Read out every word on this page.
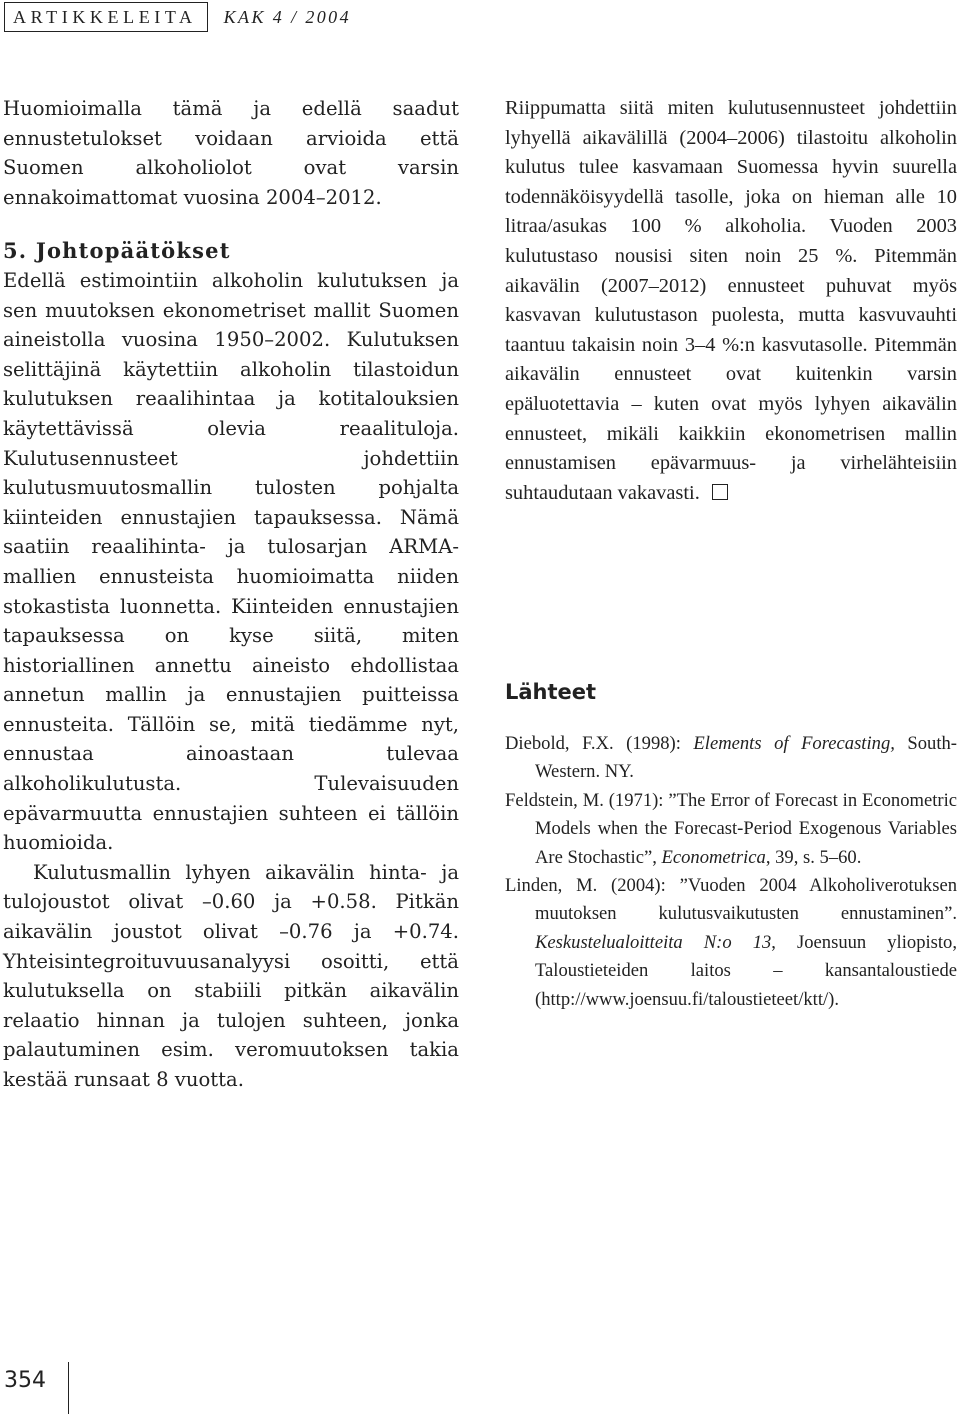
ARTIKKELEITA	KAK 4 / 2004

Huomioimalla tämä ja edellä saadut ennustetulokset voidaan arvioida että Suomen alkoholiolot ovat varsin ennakoimattomat vuosina 2004–2012.

5. Johtopäätökset

Edellä estimointiin alkoholin kulutuksen ja sen muutoksen ekonometriset mallit Suomen aineistolla vuosina 1950–2002. Kulutuksen selittäjinä käytettiin alkoholin tilastoidun kulutuksen reaalihintaa ja kotitalouksien käytettävissä olevia reaalituloja. Kulutusennusteet johdettiin kulutusmuutosmallin tulosten pohjalta kiinteiden ennustajien tapauksessa. Nämä saatiin reaalihinta- ja tulosarjan ARMA-mallien ennusteista huomioimatta niiden stokastista luonnetta. Kiinteiden ennustajien tapauksessa on kyse siitä, miten historiallinen annettu aineisto ehdollistaa annetun mallin ja ennustajien puitteissa ennusteita. Tällöin se, mitä tiedämme nyt, ennustaa ainoastaan tulevaa alkoholikulutusta. Tulevaisuuden epävarmuutta ennustajien suhteen ei tällöin huomioida.

Kulutusmallin lyhyen aikavälin hinta- ja tulojoustot olivat –0.60 ja +0.58. Pitkän aikavälin joustot olivat –0.76 ja +0.74. Yhteisintegroituvuusanalyysi osoitti, että kulutuksella on stabiili pitkän aikavälin relaatio hinnan ja tulojen suhteen, jonka palautuminen esim. veromuutoksen takia kestää runsaat 8 vuotta.

Riippumatta siitä miten kulutusennusteet johdettiin lyhyellä aikavälillä (2004–2006) tilastoitu alkoholin kulutus tulee kasvamaan Suomessa hyvin suurella todennäköisyydellä tasolle, joka on hieman alle 10 litraa/asukas 100 % alkoholia. Vuoden 2003 kulutustaso nousisi siten noin 25 %. Pitemmän aikavälin (2007–2012) ennusteet puhuvat myös kasvavan kulutustason puolesta, mutta kasvuvauhti taantuu takaisin noin 3–4 %:n kasvutasolle. Pitemmän aikavälin ennusteet ovat kuitenkin varsin epäluotettavia – kuten ovat myös lyhyen aikavälin ennusteet, mikäli kaikkiin ekonometrisen mallin ennustamisen epävarmuus- ja virhelähteisiin suhtaudutaan vakavasti.

Lähteet

Diebold, F.X. (1998): Elements of Forecasting, South-Western. NY.

Feldstein, M. (1971): ”The Error of Forecast in Econometric Models when the Forecast-Period Exogenous Variables Are Stochastic”, Econometrica, 39, s. 5–60.

Linden, M. (2004): ”Vuoden 2004 Alkoholiverotuksen muutoksen kulutusvaikutusten ennustaminen”. Keskustelualoitteita N:o 13, Joensuun yliopisto, Taloustieteiden laitos – kansantaloustiede (http://www.joensuu.fi/taloustieteet/ktt/).

354
